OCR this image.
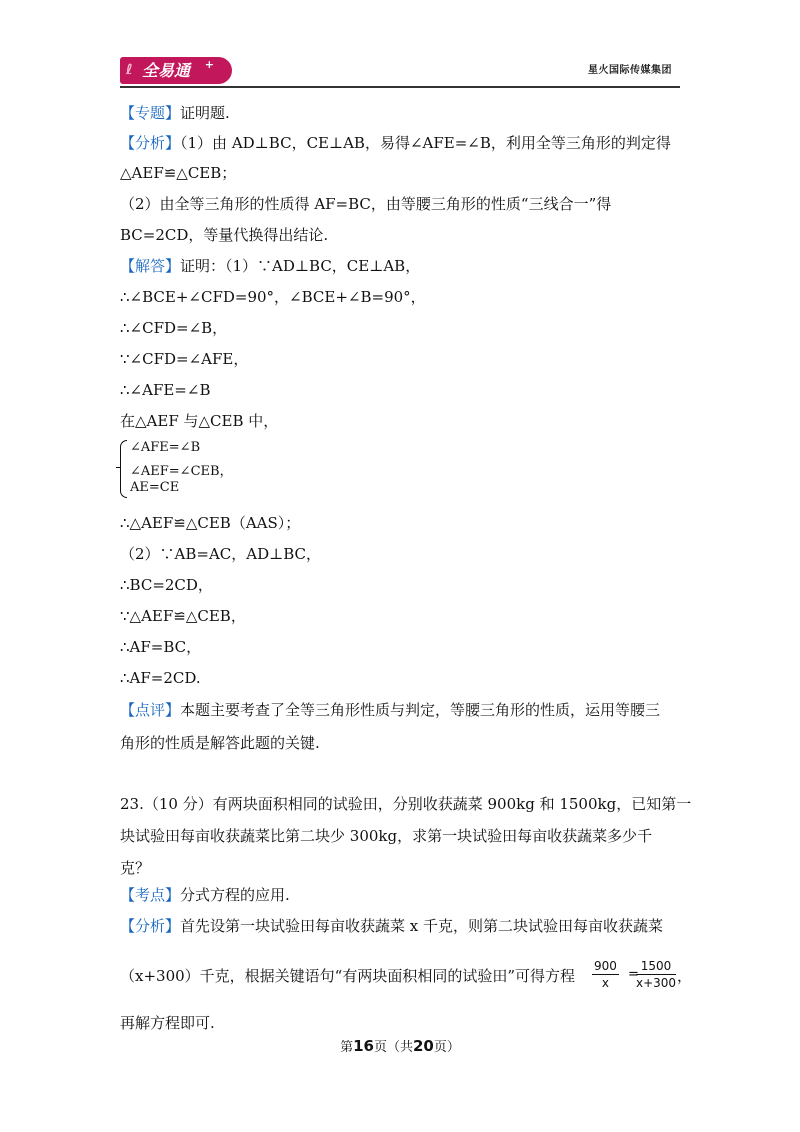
ℓ 全易通 +	星火国际传媒集团
【专题】证明题.
【分析】（1）由 AD⊥BC，CE⊥AB，易得∠AFE=∠B，利用全等三角形的判定得
△AEF≌△CEB；
（2）由全等三角形的性质得 AF=BC，由等腰三角形的性质“三线合一”得
BC=2CD，等量代换得出结论.
【解答】证明：（1）∵AD⊥BC，CE⊥AB，
∴∠BCE+∠CFD=90°，∠BCE+∠B=90°，
∴∠CFD=∠B，
∵∠CFD=∠AFE，
∴∠AFE=∠B
在△AEF 与△CEB 中，
∠AFE=∠B
∠AEF=∠CEB，
AE=CE
∴△AEF≌△CEB（AAS）；
（2）∵AB=AC，AD⊥BC，
∴BC=2CD，
∵△AEF≌△CEB，
∴AF=BC，
∴AF=2CD.
【点评】本题主要考查了全等三角形性质与判定，等腰三角形的性质，运用等腰三
角形的性质是解答此题的关键.
23.（10 分）有两块面积相同的试验田，分别收获蔬菜 900kg 和 1500kg，已知第一
块试验田每亩收获蔬菜比第二块少 300kg，求第一块试验田每亩收获蔬菜多少千
克？
【考点】分式方程的应用.
【分析】首先设第一块试验田每亩收获蔬菜 x 千克，则第二块试验田每亩收获蔬菜
（x+300）千克，根据关键语句“有两块面积相同的试验田”可得方程 $\frac{900}{x}$ =
$\frac{1500}{x+300}$ ，
再解方程即可.
第16页（共20页）
